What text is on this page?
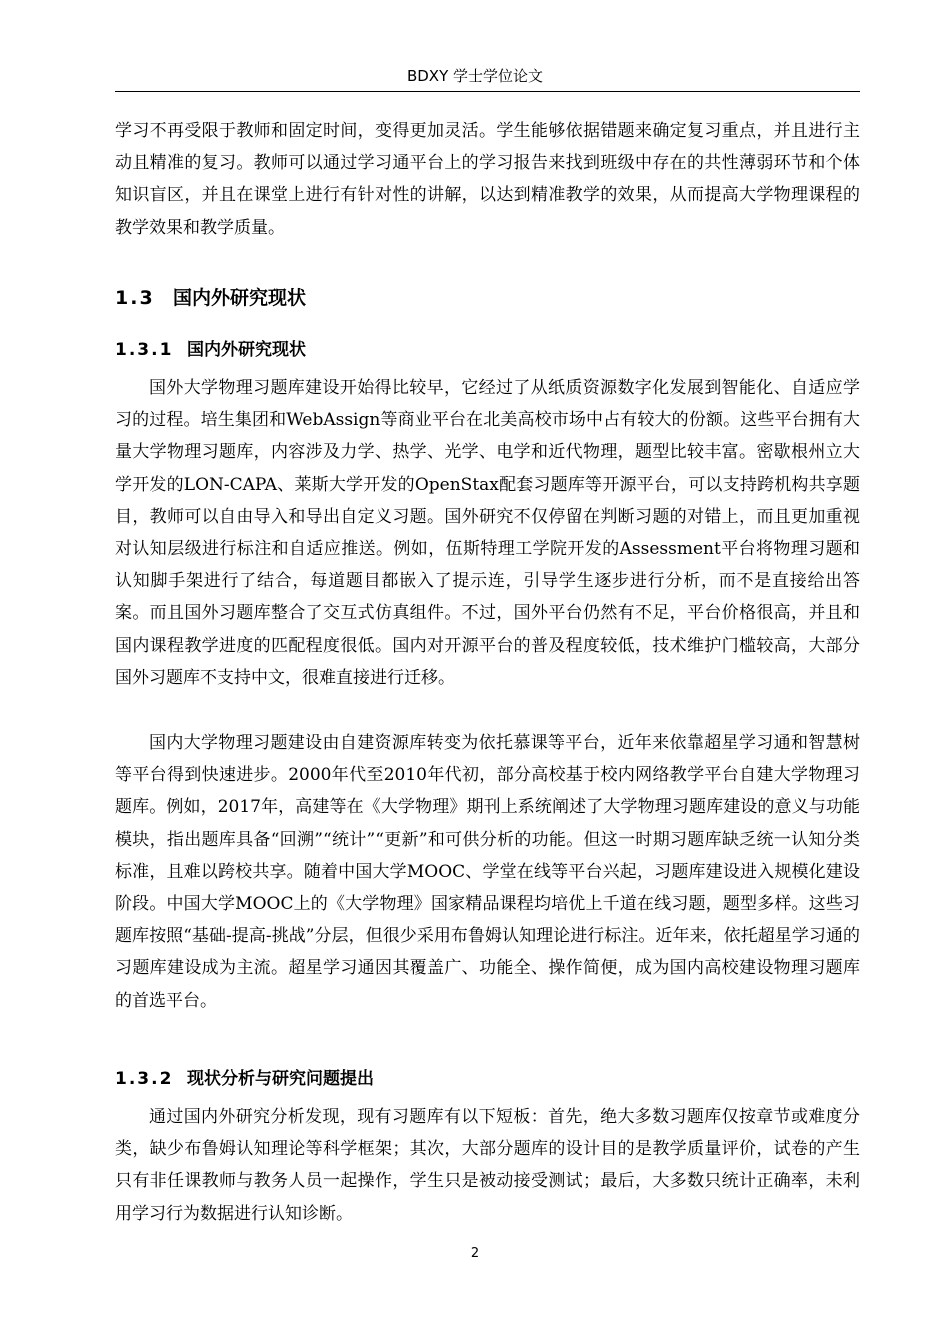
BDXY 学士学位论文

学习不再受限于教师和固定时间，变得更加灵活。学生能够依据错题来确定复习重点，并且进行主动且精准的复习。教师可以通过学习通平台上的学习报告来找到班级中存在的共性薄弱环节和个体知识盲区，并且在课堂上进行有针对性的讲解，以达到精准教学的效果，从而提高大学物理课程的教学效果和教学质量。

1.3 国内外研究现状
1.3.1 国内外研究现状

国外大学物理习题库建设开始得比较早，它经过了从纸质资源数字化发展到智能化、自适应学习的过程。培生集团和WebAssign等商业平台在北美高校市场中占有较大的份额。这些平台拥有大量大学物理习题库，内容涉及力学、热学、光学、电学和近代物理，题型比较丰富。密歇根州立大学开发的LON-CAPA、莱斯大学开发的OpenStax配套习题库等开源平台，可以支持跨机构共享题目，教师可以自由导入和导出自定义习题。国外研究不仅停留在判断习题的对错上，而且更加重视对认知层级进行标注和自适应推送。例如，伍斯特理工学院开发的Assessment平台将物理习题和认知脚手架进行了结合，每道题目都嵌入了提示连，引导学生逐步进行分析，而不是直接给出答案。而且国外习题库整合了交互式仿真组件。不过，国外平台仍然有不足，平台价格很高，并且和国内课程教学进度的匹配程度很低。国内对开源平台的普及程度较低，技术维护门槛较高，大部分国外习题库不支持中文，很难直接进行迁移。

国内大学物理习题建设由自建资源库转变为依托慕课等平台，近年来依靠超星学习通和智慧树等平台得到快速进步。2000年代至2010年代初，部分高校基于校内网络教学平台自建大学物理习题库。例如，2017年，高建等在《大学物理》期刊上系统阐述了大学物理习题库建设的意义与功能模块，指出题库具备“回溯”“统计”“更新”和可供分析的功能。但这一时期习题库缺乏统一认知分类标准，且难以跨校共享。随着中国大学MOOC、学堂在线等平台兴起，习题库建设进入规模化建设阶段。中国大学MOOC上的《大学物理》国家精品课程均培优上千道在线习题，题型多样。这些习题库按照“基础-提高-挑战”分层，但很少采用布鲁姆认知理论进行标注。近年来，依托超星学习通的习题库建设成为主流。超星学习通因其覆盖广、功能全、操作简便，成为国内高校建设物理习题库的首选平台。

1.3.2 现状分析与研究问题提出

通过国内外研究分析发现，现有习题库有以下短板：首先，绝大多数习题库仅按章节或难度分类，缺少布鲁姆认知理论等科学框架；其次，大部分题库的设计目的是教学质量评价，试卷的产生只有非任课教师与教务人员一起操作，学生只是被动接受测试；最后，大多数只统计正确率，未利用学习行为数据进行认知诊断。

2
